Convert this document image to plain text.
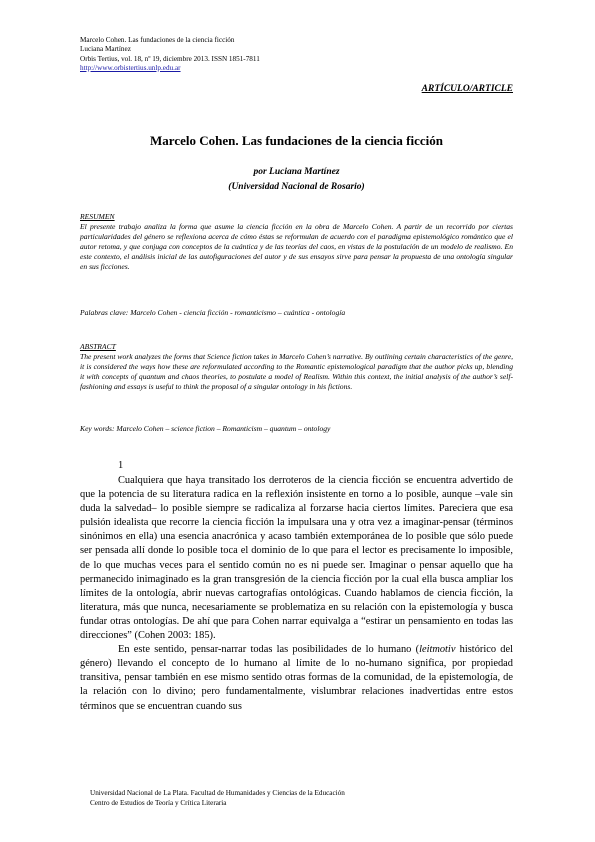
Marcelo Cohen. Las fundaciones de la ciencia ficción
Luciana Martínez
Orbis Tertius, vol. 18, nº 19, diciembre 2013. ISSN 1851-7811
http://www.orbistertius.unlp.edu.ar
ARTÍCULO/ARTICLE
Marcelo Cohen. Las fundaciones de la ciencia ficción
por Luciana Martínez
(Universidad Nacional de Rosario)
RESUMEN
El presente trabajo analiza la forma que asume la ciencia ficción en la obra de Marcelo Cohen. A partir de un recorrido por ciertas particularidades del género se reflexiona acerca de cómo éstas se reformulan de acuerdo con el paradigma epistemológico romántico que el autor retoma, y que conjuga con conceptos de la cuántica y de las teorías del caos, en vistas de la postulación de un modelo de realismo. En este contexto, el análisis inicial de las autofiguraciones del autor y de sus ensayos sirve para pensar la propuesta de una ontología singular en sus ficciones.
Palabras clave: Marcelo Cohen - ciencia ficción - romanticismo – cuántica - ontología
ABSTRACT
The present work analyzes the forms that Science fiction takes in Marcelo Cohen’s narrative. By outlining certain characteristics of the genre, it is considered the ways how these are reformulated according to the Romantic epistemological paradigm that the author picks up, blending it with concepts of quantum and chaos theories, to postulate a model of Realism. Within this context, the initial analysis of the author’s self-fashioning and essays is useful to think the proposal of a singular ontology in his fictions.
Key words: Marcelo Cohen – science fiction – Romanticism – quantum – ontology
1

Cualquiera que haya transitado los derroteros de la ciencia ficción se encuentra advertido de que la potencia de su literatura radica en la reflexión insistente en torno a lo posible, aunque –vale sin duda la salvedad– lo posible siempre se radicaliza al forzarse hacia ciertos límites. Pareciera que esa pulsión idealista que recorre la ciencia ficción la impulsara una y otra vez a imaginar-pensar (términos sinónimos en ella) una esencia anacrónica y acaso también extemporánea de lo posible que sólo puede ser pensada allí donde lo posible toca el dominio de lo que para el lector es precisamente lo imposible, de lo que muchas veces para el sentido común no es ni puede ser. Imaginar o pensar aquello que ha permanecido inimaginado es la gran transgresión de la ciencia ficción por la cual ella busca ampliar los límites de la ontología, abrir nuevas cartografías ontológicas. Cuando hablamos de ciencia ficción, la literatura, más que nunca, necesariamente se problematiza en su relación con la epistemología y busca fundar otras ontologías. De ahí que para Cohen narrar equivalga a “estirar un pensamiento en todas las direcciones” (Cohen 2003: 185).

En este sentido, pensar-narrar todas las posibilidades de lo humano (leitmotiv histórico del género) llevando el concepto de lo humano al límite de lo no-humano significa, por propiedad transitiva, pensar también en ese mismo sentido otras formas de la comunidad, de la epistemología, de la relación con lo divino; pero fundamentalmente, vislumbrar relaciones inadvertidas entre estos términos que se encuentran cuando sus

Universidad Nacional de La Plata. Facultad de Humanidades y Ciencias de la Educación
Centro de Estudios de Teoría y Crítica Literaria
